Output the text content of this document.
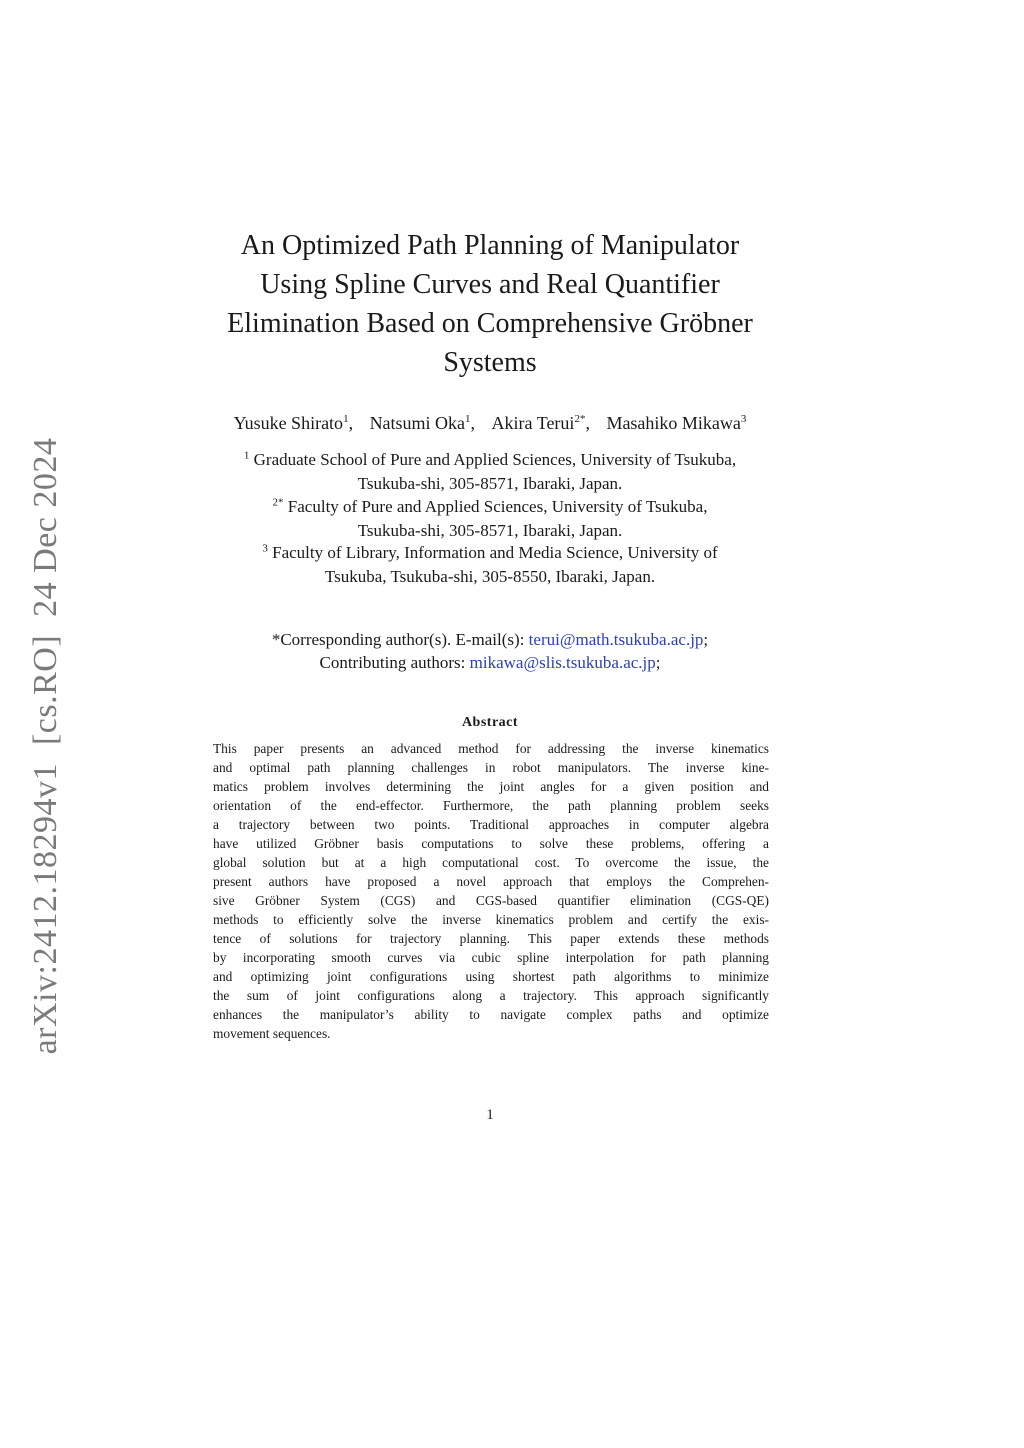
arXiv:2412.18294v1[cs.RO]24 Dec 2024
An Optimized Path Planning of Manipulator
Using Spline Curves and Real Quantifier
Elimination Based on Comprehensive Gröbner
Systems
Yusuke Shirato$^1$, Natsumi Oka$^1$, Akira Terui$^{2*}$, Masahiko Mikawa$^3$
$^1$ Graduate School of Pure and Applied Sciences, University of Tsukuba,
Tsukuba-shi, 305-8571, Ibaraki, Japan.
$^{2*}$ Faculty of Pure and Applied Sciences, University of Tsukuba,
Tsukuba-shi, 305-8571, Ibaraki, Japan.
$^3$ Faculty of Library, Information and Media Science, University of
Tsukuba, Tsukuba-shi, 305-8550, Ibaraki, Japan.
*Corresponding author(s). E-mail(s): terui@math.tsukuba.ac.jp;
Contributing authors: mikawa@slis.tsukuba.ac.jp;
Abstract
This paper presents an advanced method for addressing the inverse kinematics
and optimal path planning challenges in robot manipulators. The inverse kine-
matics problem involves determining the joint angles for a given position and
orientation of the end-effector. Furthermore, the path planning problem seeks
a trajectory between two points. Traditional approaches in computer algebra
have utilized Gröbner basis computations to solve these problems, offering a
global solution but at a high computational cost. To overcome the issue, the
present authors have proposed a novel approach that employs the Comprehen-
sive Gröbner System (CGS) and CGS-based quantifier elimination (CGS-QE)
methods to efficiently solve the inverse kinematics problem and certify the exis-
tence of solutions for trajectory planning. This paper extends these methods
by incorporating smooth curves via cubic spline interpolation for path planning
and optimizing joint configurations using shortest path algorithms to minimize
the sum of joint configurations along a trajectory. This approach significantly
enhances the manipulator’s ability to navigate complex paths and optimize
movement sequences.
1
